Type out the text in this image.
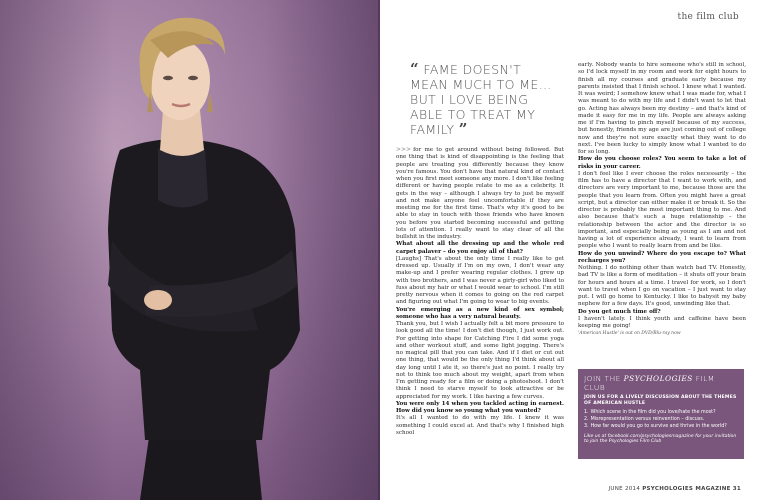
the film club
“ FAME DOESN'T MEAN MUCH TO ME… BUT I LOVE BEING ABLE TO TREAT MY FAMILY ”

>>> for me to get around without being followed. But one thing that is kind of disappointing is the feeling that people are treating you differently because they know you're famous. You don't have that natural kind of contact when you first meet someone any more. I don't like feeling different or having people relate to me as a celebrity. It gets in the way – although I always try to just be myself and not make anyone feel uncomfortable if they are meeting me for the first time. That's why it's good to be able to stay in touch with those friends who have known you before you started becoming successful and getting lots of attention. I really want to stay clear of all the bullshit in the industry.

What about all the dressing up and the whole red carpet palaver – do you enjoy all of that?

[Laughs] That's about the only time I really like to get dressed up. Usually if I'm on my own, I don't wear any make-up and I prefer wearing regular clothes. I grew up with two brothers, and I was never a girly-girl who liked to fuss about my hair or what I would wear to school. I'm still pretty nervous when it comes to going on the red carpet and figuring out what I'm going to wear to big events.

You're emerging as a new kind of sex symbol; someone who has a very natural beauty.

Thank you, but I wish I actually felt a bit more pressure to look good all the time! I don't diet though, I just work out. For getting into shape for Catching Fire I did some yoga and other workout stuff, and some light jogging. There's no magical pill that you can take. And if I diet or cut out one thing, that would be the only thing I'd think about all day long until I ate it, so there's just no point. I really try not to think too much about my weight, apart from when I'm getting ready for a film or doing a photoshoot. I don't think I need to starve myself to look attractive or be appreciated for my work. I like having a few curves.

You were only 14 when you tackled acting in earnest. How did you know so young what you wanted?

It's all I wanted to do with my life. I knew it was something I could excel at. And that's why I finished high school

early. Nobody wants to hire someone who's still in school, so I'd lock myself in my room and work for eight hours to finish all my courses and graduate early because my parents insisted that I finish school. I knew what I wanted. It was weird; I somehow knew what I was made for, what I was meant to do with my life and I didn't want to let that go. Acting has always been my destiny – and that's kind of made it easy for me in my life. People are always asking me if I'm having to pinch myself because of my success, but honestly, friends my age are just coming out of college now and they're not sure exactly what they want to do next. I've been lucky to simply know what I wanted to do for so long.

How do you choose roles? You seem to take a lot of risks in your career.

I don't feel like I ever choose the roles necessarily – the film has to have a director that I want to work with, and directors are very important to me, because those are the people that you learn from. Often you might have a great script, but a director can either make it or break it. So the director is probably the most important thing to me. And also because that's such a huge relationship – the relationship between the actor and the director is so important, and especially being as young as I am and not having a lot of experience already, I want to learn from people who I want to really learn from and be like.

How do you unwind? Where do you escape to? What recharges you?

Nothing. I do nothing other than watch bad TV. Honestly, bad TV is like a form of meditation – it shuts off your brain for hours and hours at a time. I travel for work, so I don't want to travel when I go on vacation – I just want to stay put. I will go home to Kentucky. I like to babysit my baby nephew for a few days. It's good, unwinding like that.

Do you get much time off?

I haven't lately. I think youth and caffeine have been keeping me going!

'American Hustle' is out on DVD/Blu-ray now

JOIN THE PSYCHOLOGIES FILM CLUB
JOIN US FOR A LIVELY DISCUSSION ABOUT THE THEMES OF AMERICAN HUSTLE
1. Which scene in the film did you love/hate the most?
2. Misrepresentation versus reinvention – discuss.
3. How far would you go to survive and thrive in the world?
Like us at facebook.com/psychologiesmagazine for your invitation to join the Psychologies Film Club
JUNE 2014 PSYCHOLOGIES MAGAZINE 31
